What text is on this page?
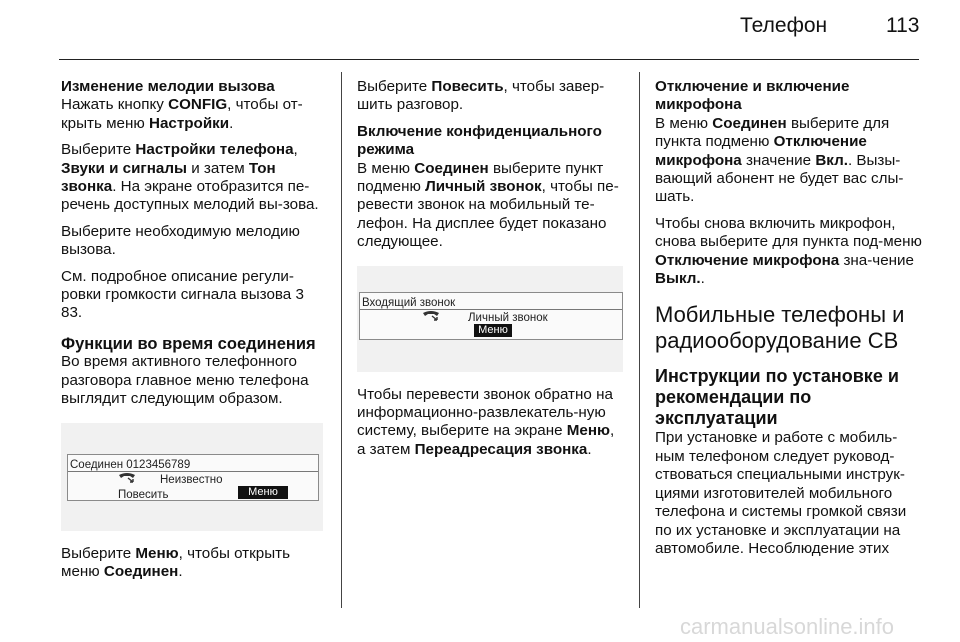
Телефон	113
Изменение мелодии вызова

Нажать кнопку CONFIG, чтобы от-крыть меню Настройки.

Выберите Настройки телефона, Звуки и сигналы и затем Тон звонка. На экране отобразится пе-речень доступных мелодий вы-зова.

Выберите необходимую мелодию вызова.

См. подробное описание регули-ровки громкости сигнала вызова 3 83.

Функции во время соединения

Во время активного телефонного разговора главное меню телефона выглядит следующим образом.

Соединен 0123456789
Неизвестно
Повесить	Меню

Выберите Меню, чтобы открыть меню Соединен.

Выберите Повесить, чтобы завер-шить разговор.

Включение конфиденциального режима

В меню Соединен выберите пункт подменю Личный звонок, чтобы пе-ревести звонок на мобильный те-лефон. На дисплее будет показано следующее.

Входящий звонок
Личный звонок
Меню

Чтобы перевести звонок обратно на информационно-развлекатель-ную систему, выберите на экране Меню, а затем Переадресация звонка.

Отключение и включение микрофона

В меню Соединен выберите для пункта подменю Отключение микрофона значение Вкл.. Вызы-вающий абонент не будет вас слы-шать.

Чтобы снова включить микрофон, снова выберите для пункта под-меню Отключение микрофона зна-чение Выкл..

Мобильные телефоны и радиооборудование CB
Инструкции по установке и рекомендации по эксплуатации

При установке и работе с мобиль-ным телефоном следует руковод-ствоваться специальными инструк-циями изготовителей мобильного телефона и системы громкой связи по их установке и эксплуатации на автомобиле. Несоблюдение этих

carmanualsonline.info
